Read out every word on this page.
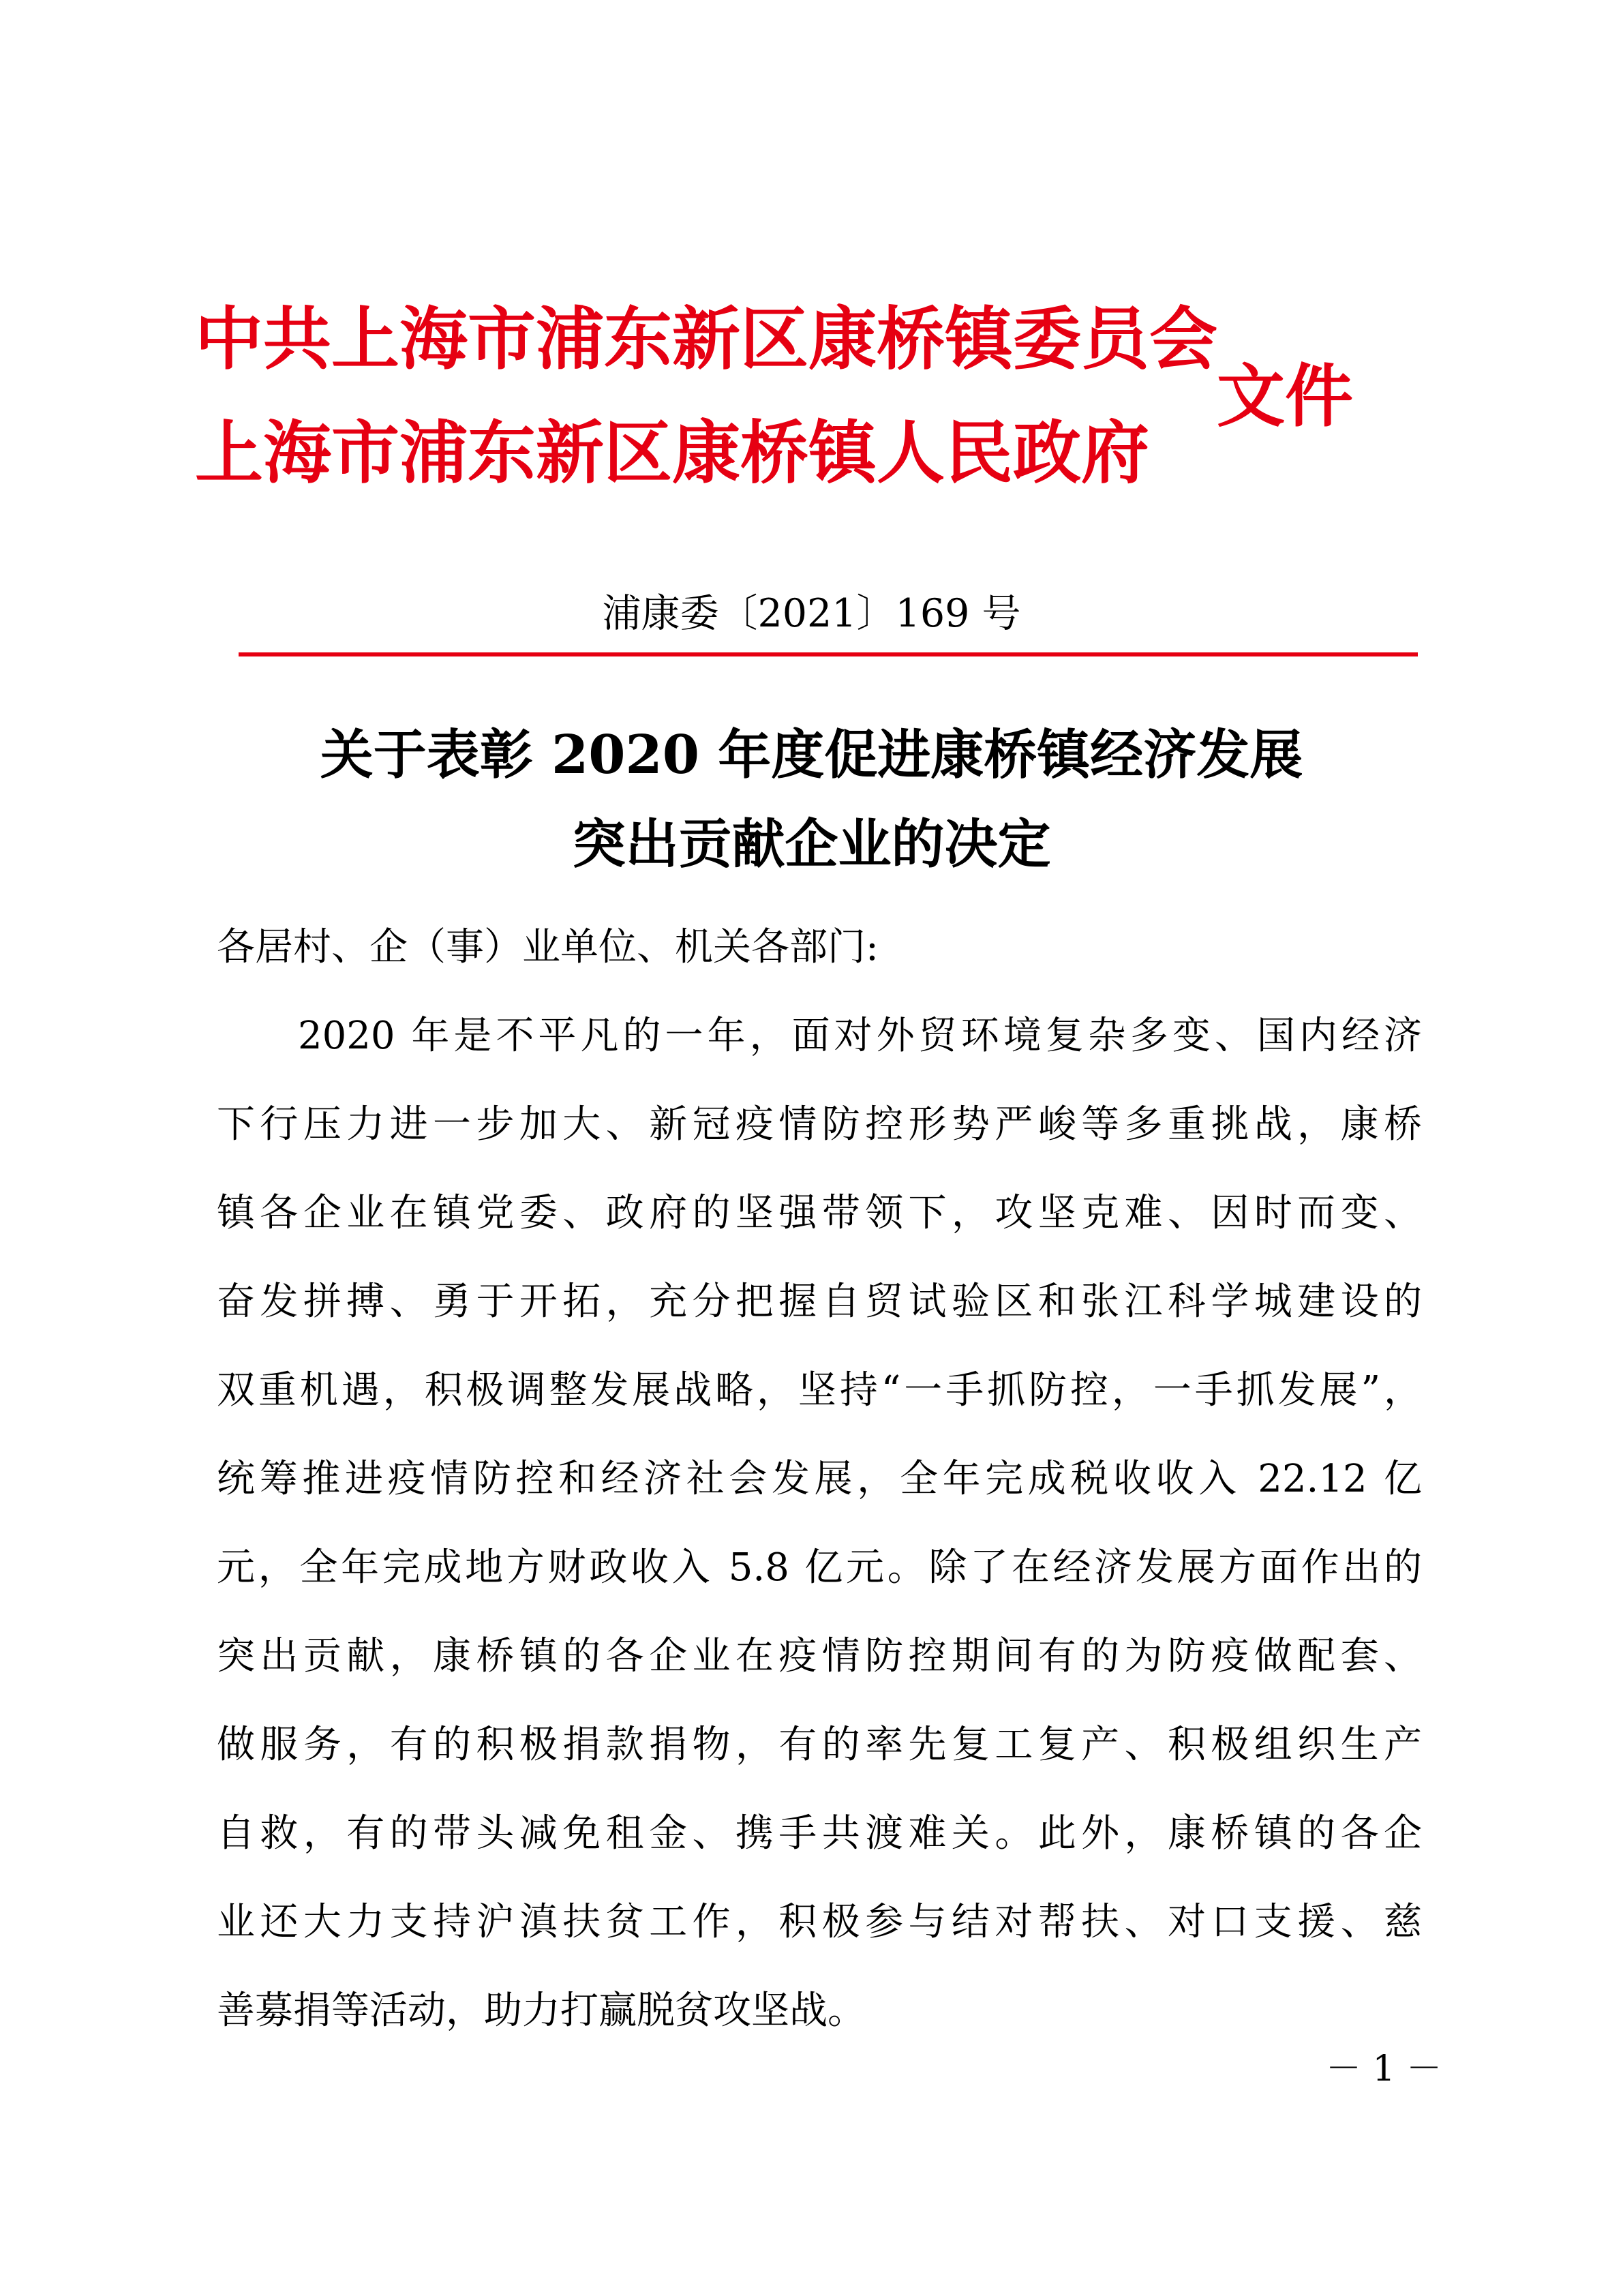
中共上海市浦东新区康桥镇委员会
上海市浦东新区康桥镇人民政府
文件
浦康委〔2021〕169 号
关于表彰 2020 年度促进康桥镇经济发展
突出贡献企业的决定
各居村、企（事）业单位、机关各部门:
2020 年是不平凡的一年，面对外贸环境复杂多变、国内经济
下行压力进一步加大、新冠疫情防控形势严峻等多重挑战，康桥
镇各企业在镇党委、政府的坚强带领下，攻坚克难、因时而变、
奋发拼搏、勇于开拓，充分把握自贸试验区和张江科学城建设的
双重机遇，积极调整发展战略，坚持“一手抓防控，一手抓发展”，
统筹推进疫情防控和经济社会发展，全年完成税收收入 22.12 亿
元，全年完成地方财政收入 5.8 亿元。除了在经济发展方面作出的
突出贡献，康桥镇的各企业在疫情防控期间有的为防疫做配套、
做服务，有的积极捐款捐物，有的率先复工复产、积极组织生产
自救，有的带头减免租金、携手共渡难关。此外，康桥镇的各企
业还大力支持沪滇扶贫工作，积极参与结对帮扶、对口支援、慈
善募捐等活动，助力打赢脱贫攻坚战。
－ 1 －
